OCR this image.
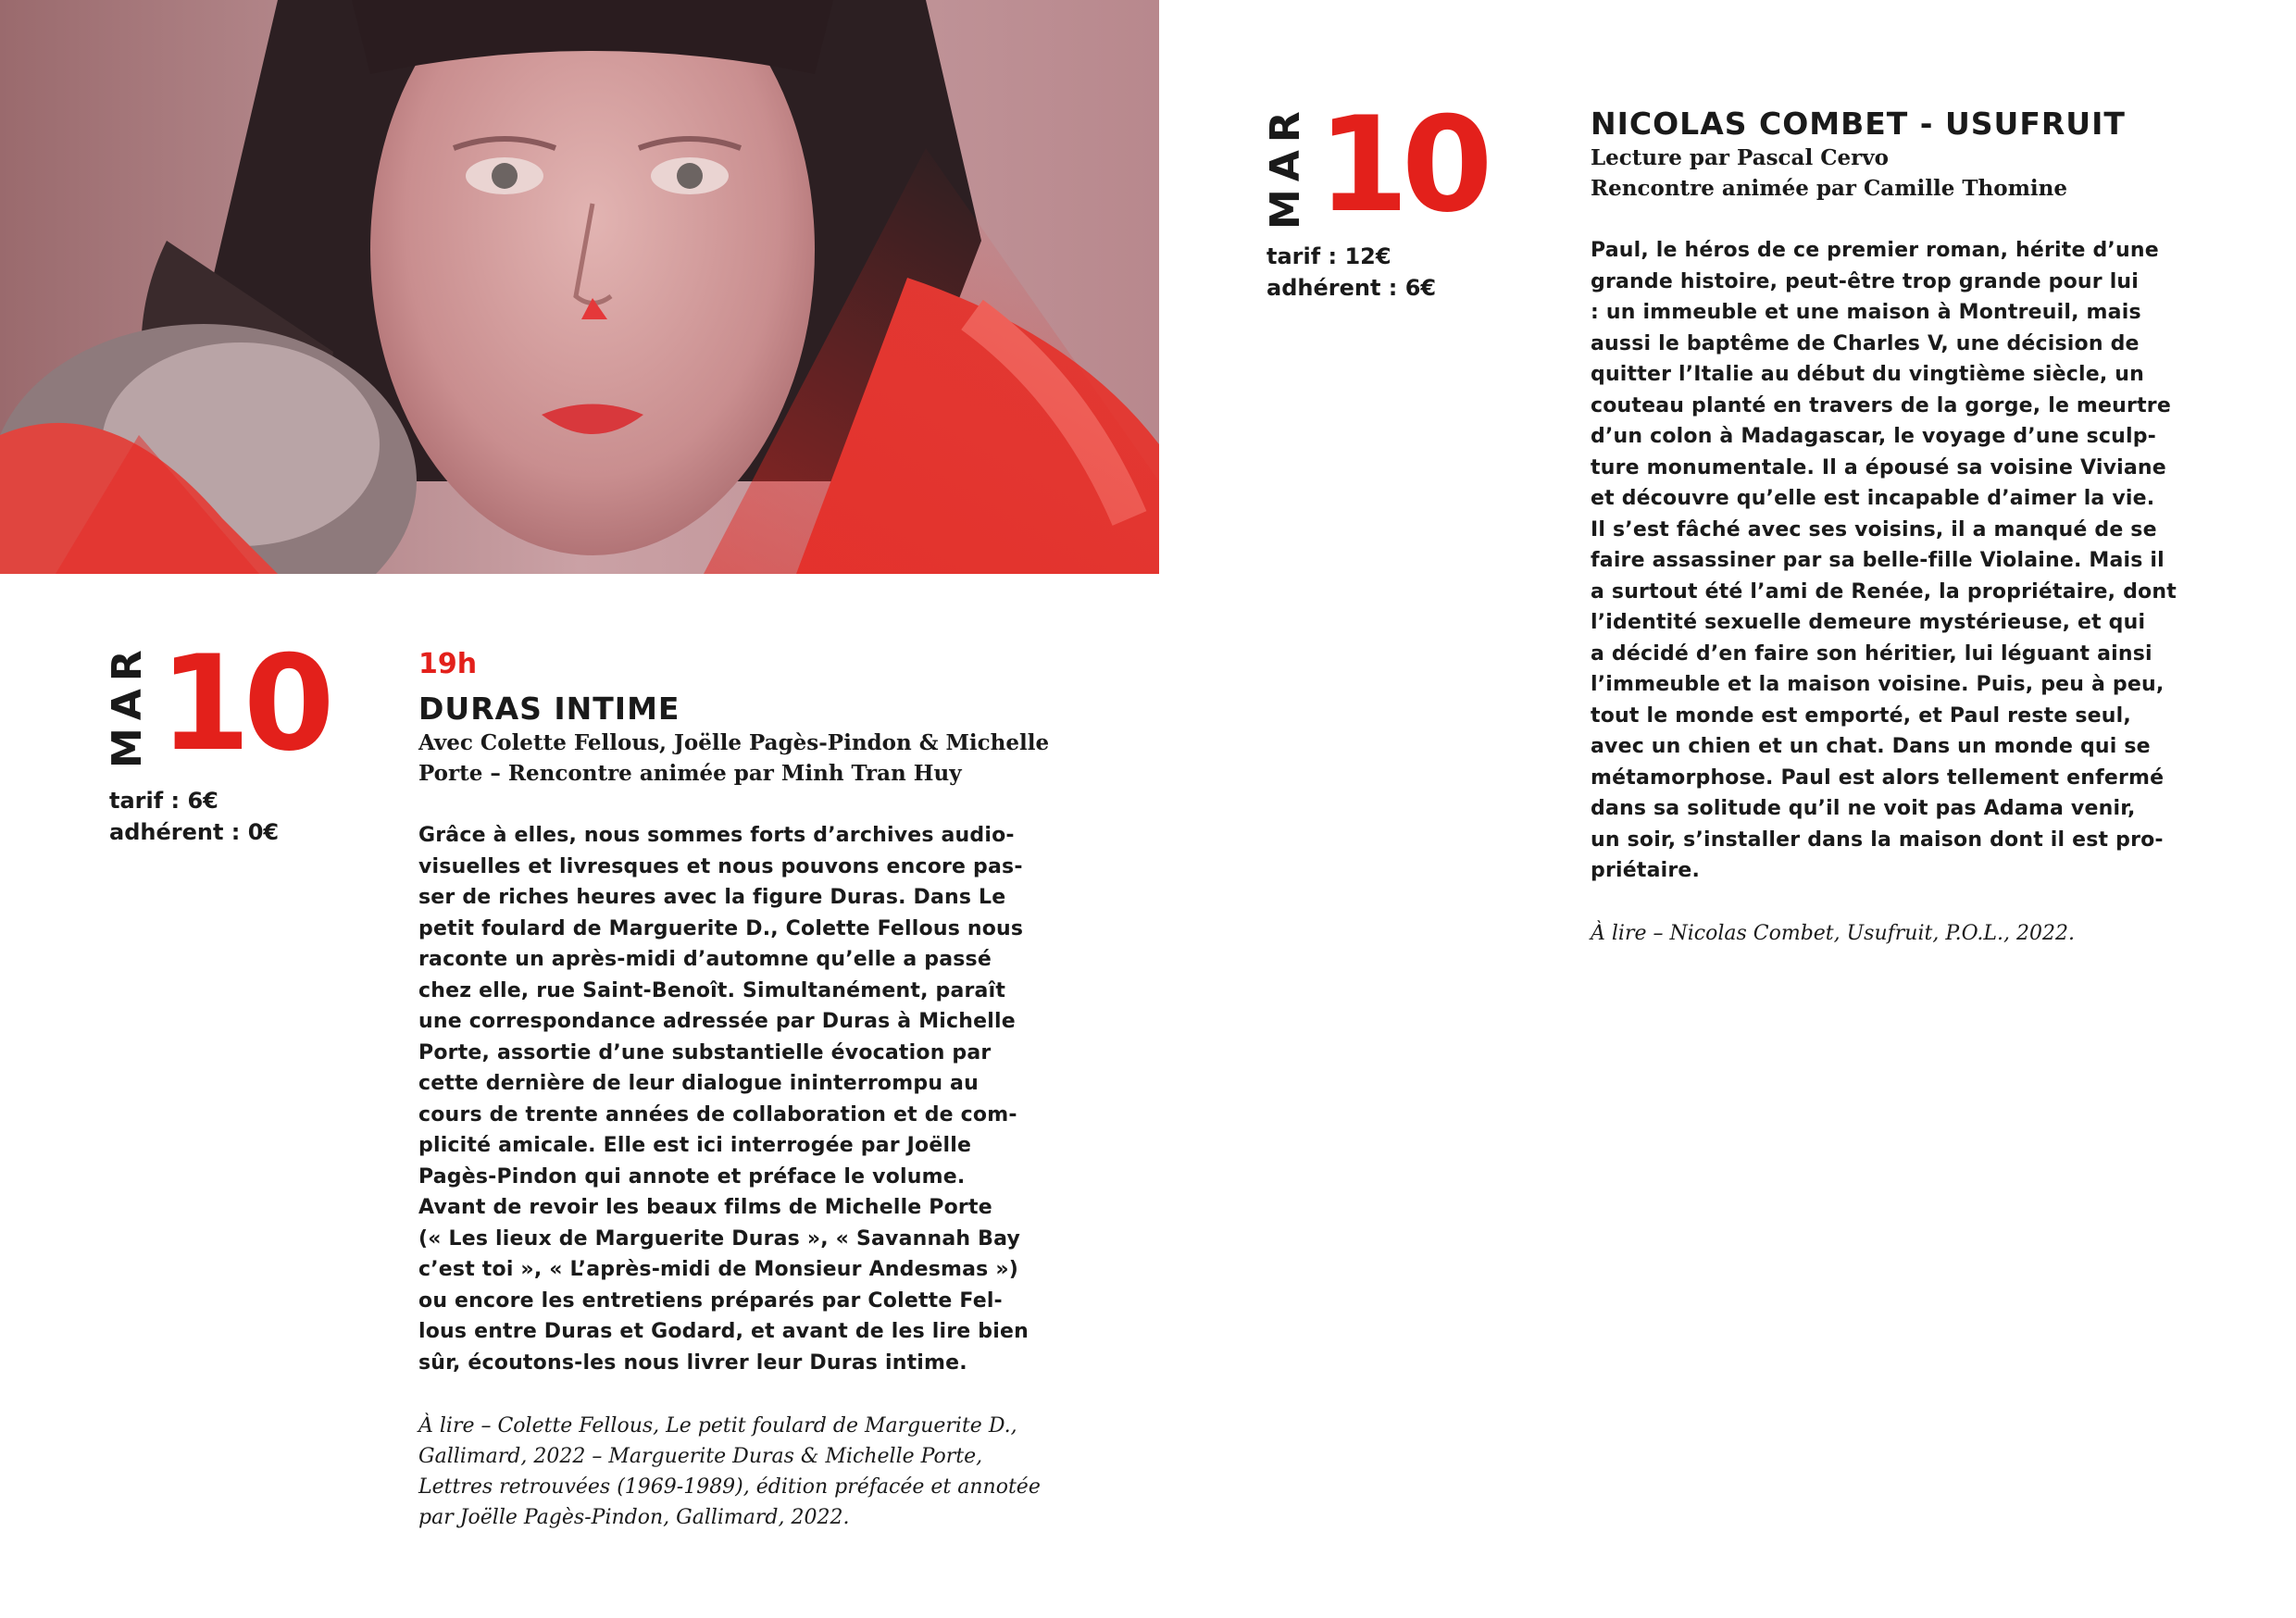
MAR 10
tarif : 6€
adhérent : 0€
19h
DURAS INTIME
Avec Colette Fellous, Joëlle Pagès-Pindon & Michelle
Porte – Rencontre animée par Minh Tran Huy
Grâce à elles, nous sommes forts d’archives audio-
visuelles et livresques et nous pouvons encore pas-
ser de riches heures avec la figure Duras. Dans Le
petit foulard de Marguerite D., Colette Fellous nous
raconte un après-midi d’automne qu’elle a passé
chez elle, rue Saint-Benoît. Simultanément, paraît
une correspondance adressée par Duras à Michelle
Porte, assortie d’une substantielle évocation par
cette dernière de leur dialogue ininterrompu au
cours de trente années de collaboration et de com-
plicité amicale. Elle est ici interrogée par Joëlle
Pagès-Pindon qui annote et préface le volume.
Avant de revoir les beaux films de Michelle Porte
(« Les lieux de Marguerite Duras », « Savannah Bay
c’est toi », « L’après-midi de Monsieur Andesmas »)
ou encore les entretiens préparés par Colette Fel-
lous entre Duras et Godard, et avant de les lire bien
sûr, écoutons-les nous livrer leur Duras intime.
À lire – Colette Fellous, Le petit foulard de Marguerite D.,
Gallimard, 2022 – Marguerite Duras & Michelle Porte,
Lettres retrouvées (1969-1989), édition préfacée et annotée
par Joëlle Pagès-Pindon, Gallimard, 2022.
MAR 10
tarif : 12€
adhérent : 6€
NICOLAS COMBET - USUFRUIT
Lecture par Pascal Cervo
Rencontre animée par Camille Thomine
Paul, le héros de ce premier roman, hérite d’une
grande histoire, peut-être trop grande pour lui
: un immeuble et une maison à Montreuil, mais
aussi le baptême de Charles V, une décision de
quitter l’Italie au début du vingtième siècle, un
couteau planté en travers de la gorge, le meurtre
d’un colon à Madagascar, le voyage d’une sculp-
ture monumentale. Il a épousé sa voisine Viviane
et découvre qu’elle est incapable d’aimer la vie.
Il s’est fâché avec ses voisins, il a manqué de se
faire assassiner par sa belle-fille Violaine. Mais il
a surtout été l’ami de Renée, la propriétaire, dont
l’identité sexuelle demeure mystérieuse, et qui
a décidé d’en faire son héritier, lui léguant ainsi
l’immeuble et la maison voisine. Puis, peu à peu,
tout le monde est emporté, et Paul reste seul,
avec un chien et un chat. Dans un monde qui se
métamorphose. Paul est alors tellement enfermé
dans sa solitude qu’il ne voit pas Adama venir,
un soir, s’installer dans la maison dont il est pro-
priétaire.
À lire – Nicolas Combet, Usufruit, P.O.L., 2022.
